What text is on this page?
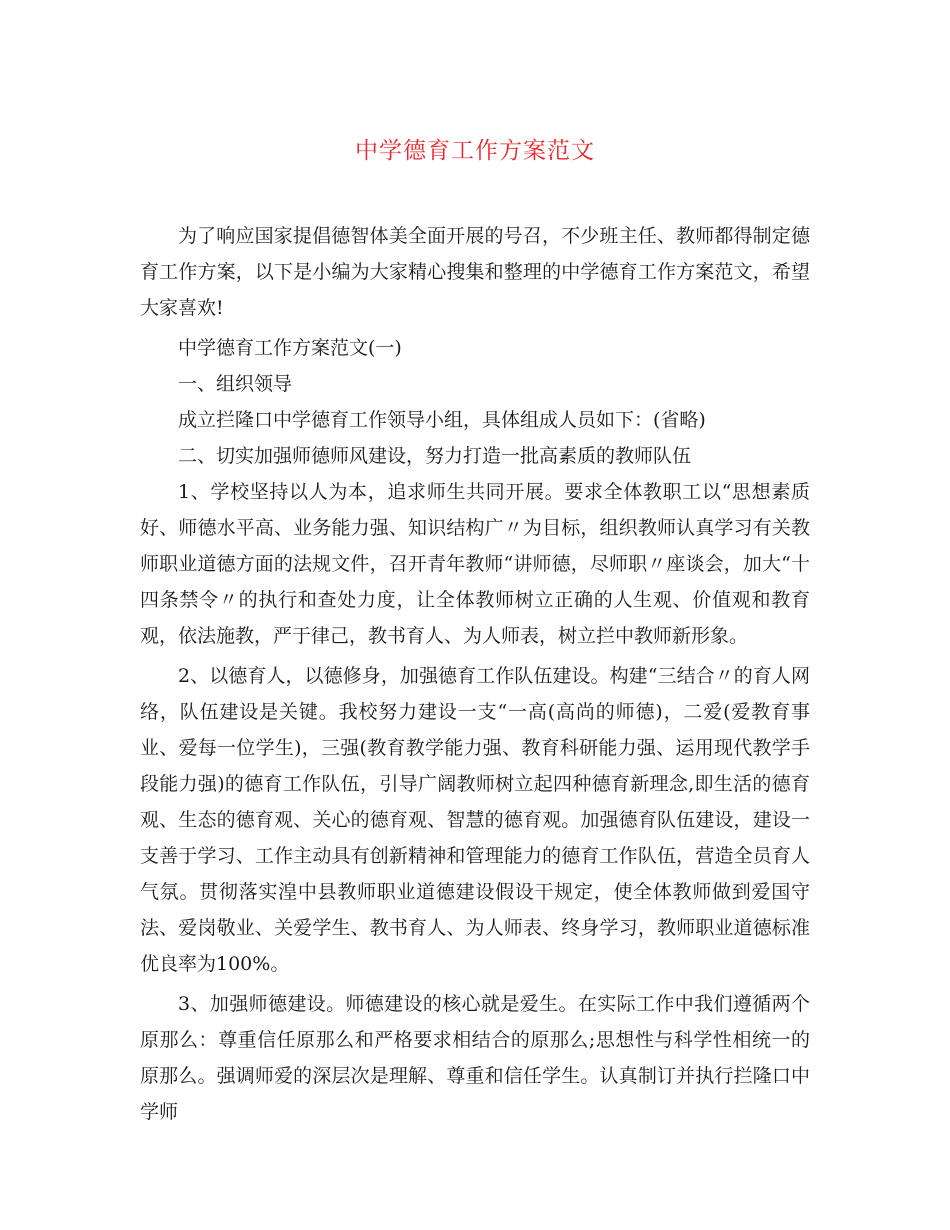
中学德育工作方案范文

为了响应国家提倡德智体美全面开展的号召，不少班主任、教师都得制定德育工作方案，以下是小编为大家精心搜集和整理的中学德育工作方案范文，希望大家喜欢!

中学德育工作方案范文(一)

一、组织领导

成立拦隆口中学德育工作领导小组，具体组成人员如下：(省略)

二、切实加强师德师风建设，努力打造一批高素质的教师队伍

1、学校坚持以人为本，追求师生共同开展。要求全体教职工以“思想素质好、师德水平高、业务能力强、知识结构广〃为目标，组织教师认真学习有关教师职业道德方面的法规文件，召开青年教师“讲师德，尽师职〃座谈会，加大“十四条禁令〃的执行和查处力度，让全体教师树立正确的人生观、价值观和教育观，依法施教，严于律己，教书育人、为人师表，树立拦中教师新形象。

2、以德育人，以德修身，加强德育工作队伍建设。构建“三结合〃的育人网络，队伍建设是关键。我校努力建设一支“一高(高尚的师德)，二爱(爱教育事业、爱每一位学生)，三强(教育教学能力强、教育科研能力强、运用现代教学手段能力强)的德育工作队伍，引导广阔教师树立起四种德育新理念,即生活的德育观、生态的德育观、关心的德育观、智慧的德育观。加强德育队伍建设，建设一支善于学习、工作主动具有创新精神和管理能力的德育工作队伍，营造全员育人气氛。贯彻落实湟中县教师职业道德建设假设干规定，使全体教师做到爱国守法、爱岗敬业、关爱学生、教书育人、为人师表、终身学习，教师职业道德标准优良率为100%。

3、加强师德建设。师德建设的核心就是爱生。在实际工作中我们遵循两个原那么：尊重信任原那么和严格要求相结合的原那么;思想性与科学性相统一的原那么。强调师爱的深层次是理解、尊重和信任学生。认真制订并执行拦隆口中学师
